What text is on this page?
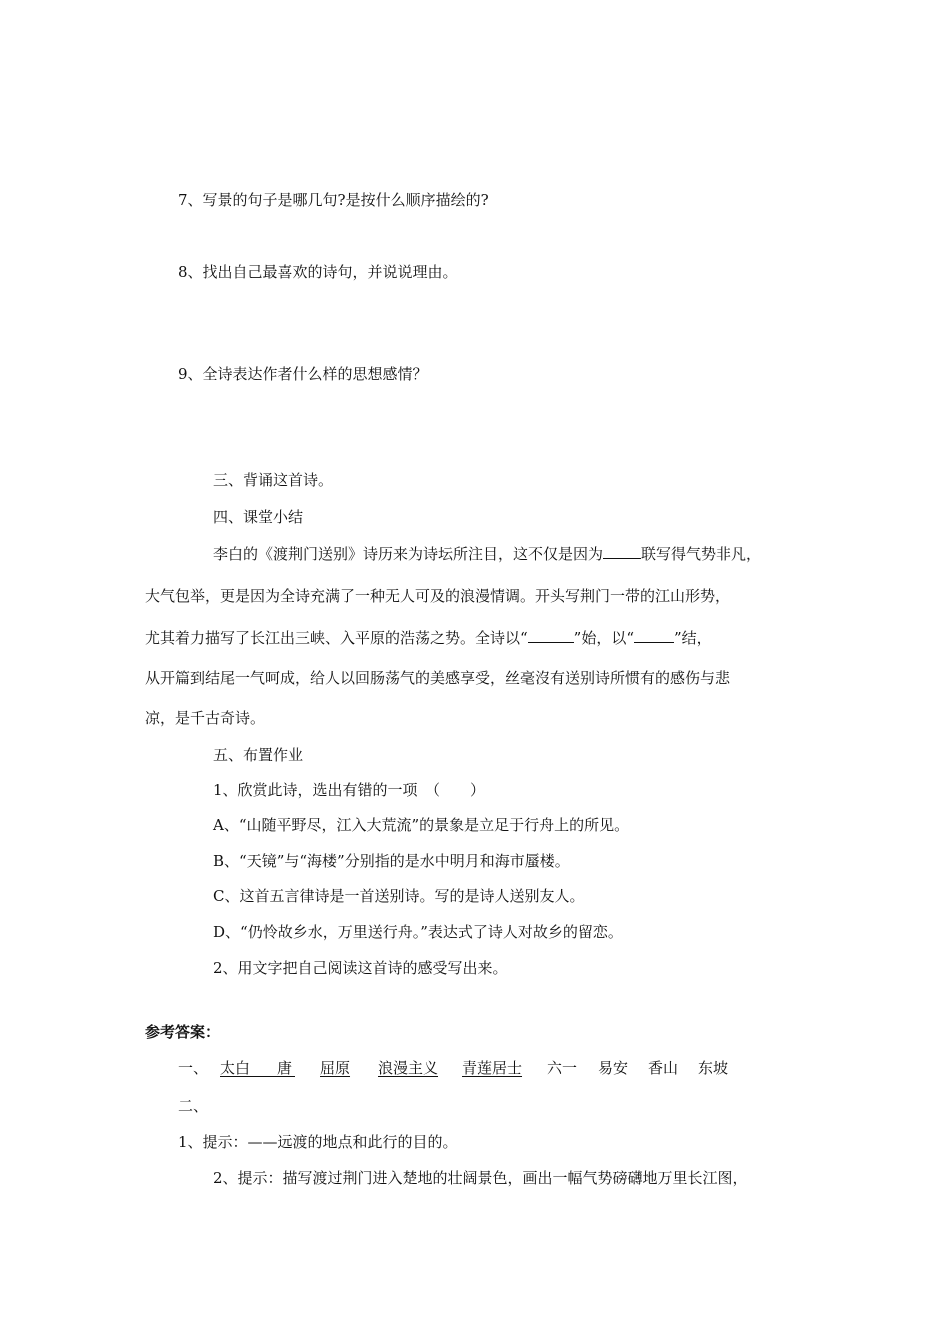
7、写景的句子是哪几句?是按什么顺序描绘的?
8、找出自己最喜欢的诗句，并说说理由。
9、全诗表达作者什么样的思想感情？
三、背诵这首诗。
四、课堂小结
李白的《渡荆门送别》诗历来为诗坛所注目，这不仅是因为	联写得气势非凡，
大气包举，更是因为全诗充满了一种无人可及的浪漫情调。开头写荆门一带的江山形势，
尤其着力描写了长江出三峡、入平原的浩荡之势。全诗以“	”始，以“	”结，
从开篇到结尾一气呵成，给人以回肠荡气的美感享受，丝毫沒有送别诗所惯有的感伤与悲
凉，是千古奇诗。
五、布置作业
1、欣赏此诗，选出有错的一项　（　　）
A、“山随平野尽，江入大荒流”的景象是立足于行舟上的所见。
B、“天镜”与“海楼”分别指的是水中明月和海市蜃楼。
C、这首五言律诗是一首送别诗。写的是诗人送别友人。
D、“仍怜故乡水，万里送行舟。”表达式了诗人对故乡的留恋。
2、用文字把自己阅读这首诗的感受写出来。
参考答案：
一、 太白 唐 屈原 浪漫主义 青莲居士 六一 易安 香山 东坡
二、
1、提示：——远渡的地点和此行的目的。
2、提示：描写渡过荆门进入楚地的壮阔景色，画出一幅气势磅礴地万里长江图，
